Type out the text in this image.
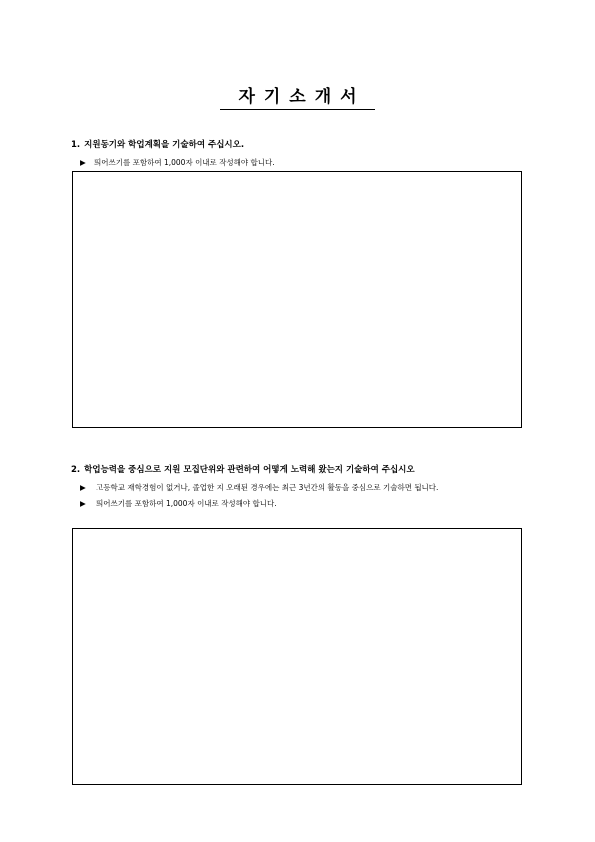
자기소개서
1. 지원동기와 학업계획을 기술하여 주십시오.
▶ 띄어쓰기를 포함하여 1,000자 이내로 작성해야 합니다.
2. 학업능력을 중심으로 지원 모집단위와 관련하여 어떻게 노력해 왔는지 기술하여 주십시오
▶	고등학교 재학경험이 없거나, 졸업한 지 오래된 경우에는 최근 3년간의 활동을 중심으로 기술하면 됩니다.
▶	띄어쓰기를 포함하여 1,000자 이내로 작성해야 합니다.
